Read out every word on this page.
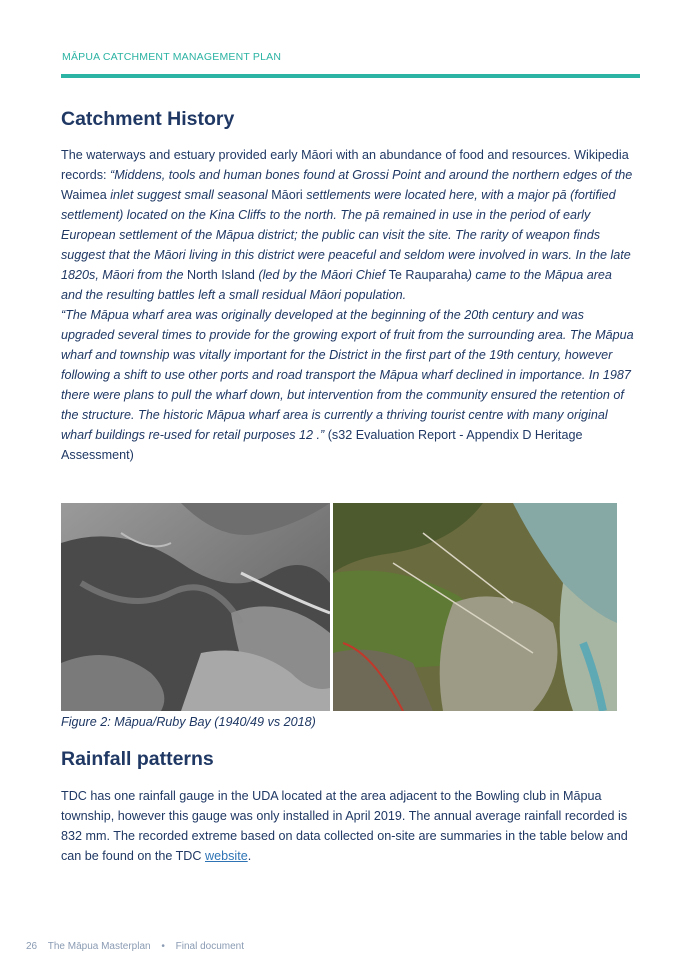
MĀPUA CATCHMENT MANAGEMENT PLAN
Catchment History

The waterways and estuary provided early Māori with an abundance of food and resources. Wikipedia records: “Middens, tools and human bones found at Grossi Point and around the northern edges of the Waimea inlet suggest small seasonal Māori settlements were located here, with a major pā (fortified settlement) located on the Kina Cliffs to the north. The pā remained in use in the period of early European settlement of the Māpua district; the public can visit the site. The rarity of weapon finds suggest that the Māori living in this district were peaceful and seldom were involved in wars. In the late 1820s, Māori from the North Island (led by the Māori Chief Te Rauparaha) came to the Māpua area and the resulting battles left a small residual Māori population.

“The Māpua wharf area was originally developed at the beginning of the 20th century and was upgraded several times to provide for the growing export of fruit from the surrounding area. The Māpua wharf and township was vitally important for the District in the first part of the 19th century, however following a shift to use other ports and road transport the Māpua wharf declined in importance. In 1987 there were plans to pull the wharf down, but intervention from the community ensured the retention of the structure. The historic Māpua wharf area is currently a thriving tourist centre with many original wharf buildings re-used for retail purposes 12 .” (s32 Evaluation Report - Appendix D Heritage Assessment)

Figure 2: Māpua/Ruby Bay (1940/49 vs 2018)
Rainfall patterns

TDC has one rainfall gauge in the UDA located at the area adjacent to the Bowling club in Māpua township, however this gauge was only installed in April 2019. The annual average rainfall recorded is 832 mm. The recorded extreme based on data collected on-site are summaries in the table below and can be found on the TDC website.

26 The Māpua Masterplan • Final document
